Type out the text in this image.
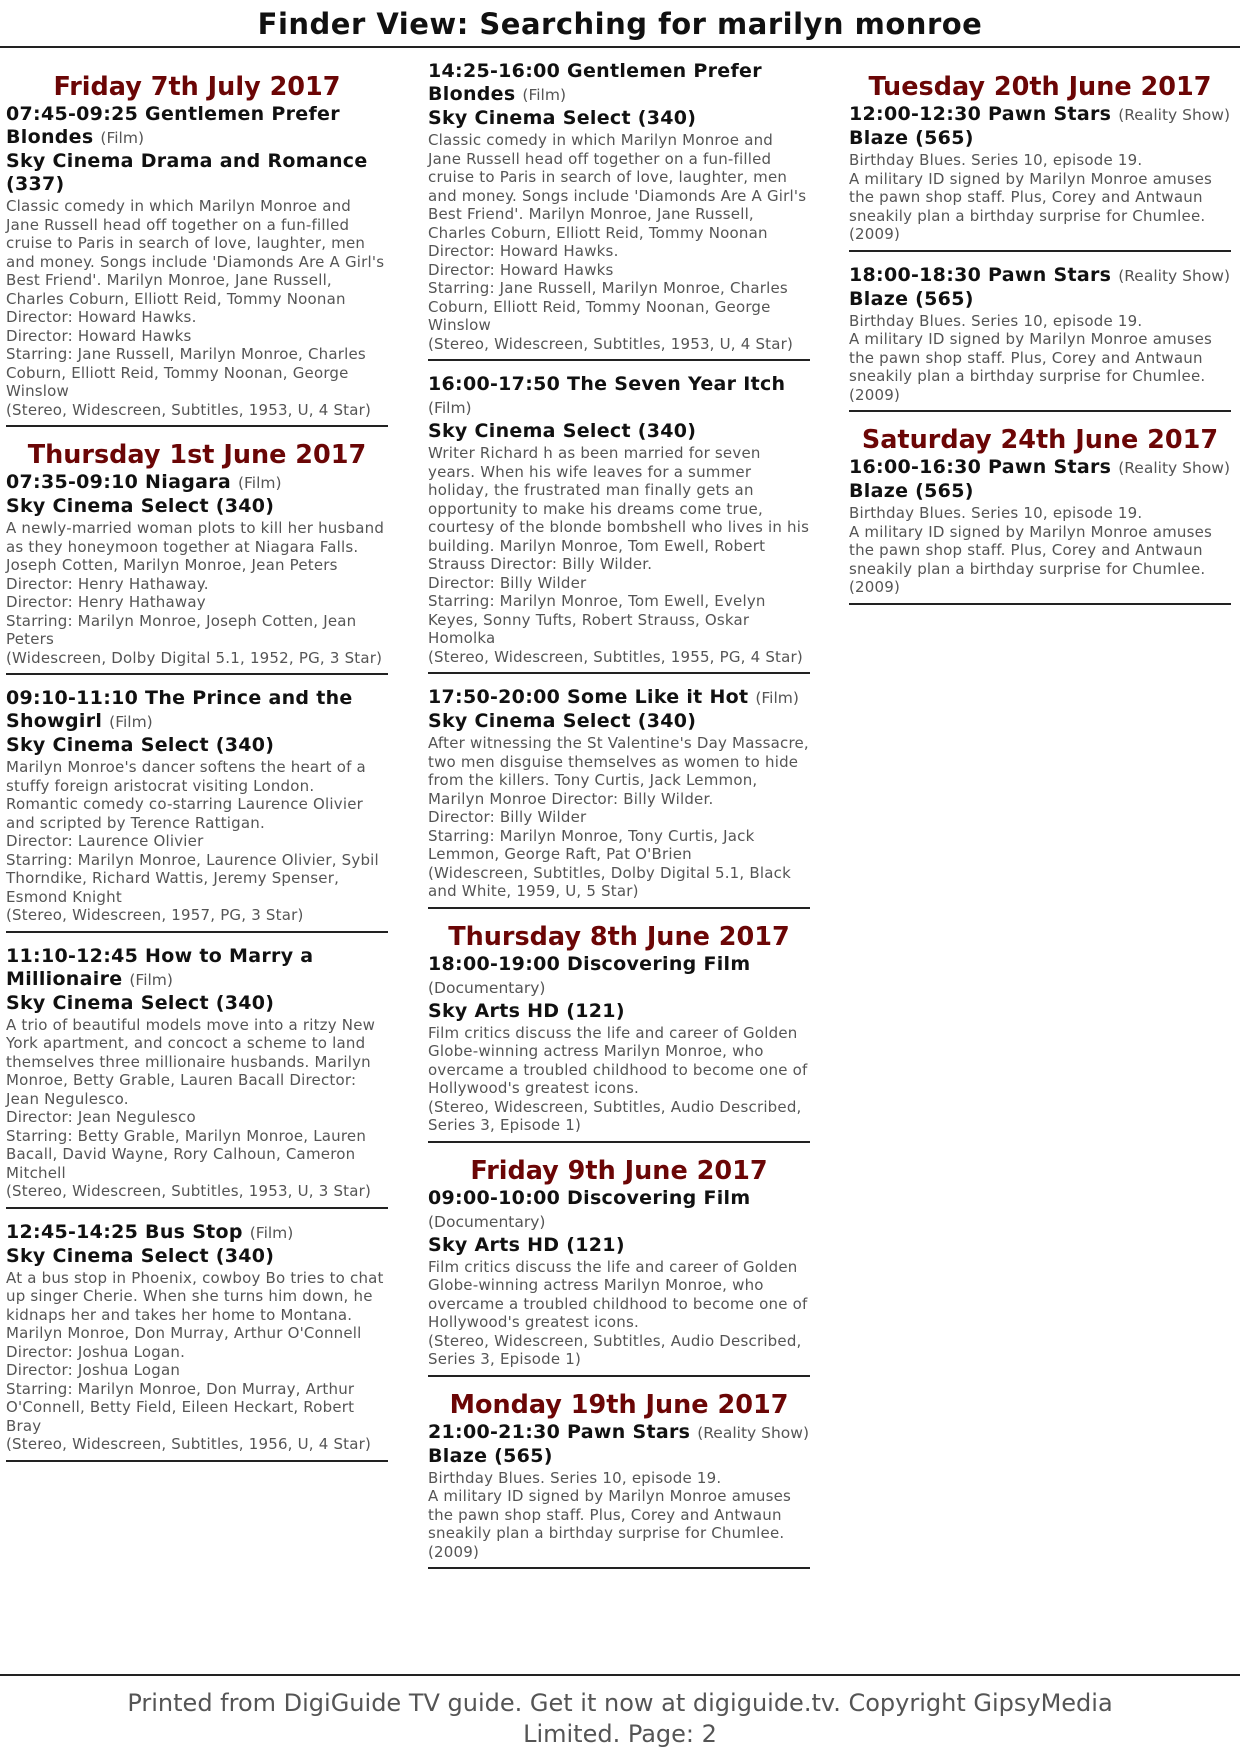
Finder View: Searching for marilyn monroe
Friday 7th July 2017
07:45-09:25 Gentlemen Prefer Blondes (Film)
Sky Cinema Drama and Romance (337)
Classic comedy in which Marilyn Monroe and Jane Russell head off together on a fun-filled cruise to Paris in search of love, laughter, men and money. Songs include 'Diamonds Are A Girl's Best Friend'. Marilyn Monroe, Jane Russell, Charles Coburn, Elliott Reid, Tommy Noonan Director: Howard Hawks.
Director: Howard Hawks
Starring: Jane Russell, Marilyn Monroe, Charles Coburn, Elliott Reid, Tommy Noonan, George Winslow
(Stereo, Widescreen, Subtitles, 1953, U, 4 Star)
Thursday 1st June 2017
07:35-09:10 Niagara (Film)
Sky Cinema Select (340)
A newly-married woman plots to kill her husband as they honeymoon together at Niagara Falls. Joseph Cotten, Marilyn Monroe, Jean Peters Director: Henry Hathaway.
Director: Henry Hathaway
Starring: Marilyn Monroe, Joseph Cotten, Jean Peters
(Widescreen, Dolby Digital 5.1, 1952, PG, 3 Star)
09:10-11:10 The Prince and the Showgirl (Film)
Sky Cinema Select (340)
Marilyn Monroe's dancer softens the heart of a stuffy foreign aristocrat visiting London. Romantic comedy co-starring Laurence Olivier and scripted by Terence Rattigan.
Director: Laurence Olivier
Starring: Marilyn Monroe, Laurence Olivier, Sybil Thorndike, Richard Wattis, Jeremy Spenser, Esmond Knight
(Stereo, Widescreen, 1957, PG, 3 Star)
11:10-12:45 How to Marry a Millionaire (Film)
Sky Cinema Select (340)
A trio of beautiful models move into a ritzy New York apartment, and concoct a scheme to land themselves three millionaire husbands. Marilyn Monroe, Betty Grable, Lauren Bacall Director: Jean Negulesco.
Director: Jean Negulesco
Starring: Betty Grable, Marilyn Monroe, Lauren Bacall, David Wayne, Rory Calhoun, Cameron Mitchell
(Stereo, Widescreen, Subtitles, 1953, U, 3 Star)
12:45-14:25 Bus Stop (Film)
Sky Cinema Select (340)
At a bus stop in Phoenix, cowboy Bo tries to chat up singer Cherie. When she turns him down, he kidnaps her and takes her home to Montana. Marilyn Monroe, Don Murray, Arthur O'Connell Director: Joshua Logan.
Director: Joshua Logan
Starring: Marilyn Monroe, Don Murray, Arthur O'Connell, Betty Field, Eileen Heckart, Robert Bray
(Stereo, Widescreen, Subtitles, 1956, U, 4 Star)
14:25-16:00 Gentlemen Prefer Blondes (Film)
Sky Cinema Select (340)
Classic comedy in which Marilyn Monroe and Jane Russell head off together on a fun-filled cruise to Paris in search of love, laughter, men and money. Songs include 'Diamonds Are A Girl's Best Friend'. Marilyn Monroe, Jane Russell, Charles Coburn, Elliott Reid, Tommy Noonan Director: Howard Hawks.
Director: Howard Hawks
Starring: Jane Russell, Marilyn Monroe, Charles Coburn, Elliott Reid, Tommy Noonan, George Winslow
(Stereo, Widescreen, Subtitles, 1953, U, 4 Star)
16:00-17:50 The Seven Year Itch (Film)
Sky Cinema Select (340)
Writer Richard h as been married for seven years. When his wife leaves for a summer holiday, the frustrated man finally gets an opportunity to make his dreams come true, courtesy of the blonde bombshell who lives in his building. Marilyn Monroe, Tom Ewell, Robert Strauss Director: Billy Wilder.
Director: Billy Wilder
Starring: Marilyn Monroe, Tom Ewell, Evelyn Keyes, Sonny Tufts, Robert Strauss, Oskar Homolka
(Stereo, Widescreen, Subtitles, 1955, PG, 4 Star)
17:50-20:00 Some Like it Hot (Film)
Sky Cinema Select (340)
After witnessing the St Valentine's Day Massacre, two men disguise themselves as women to hide from the killers. Tony Curtis, Jack Lemmon, Marilyn Monroe Director: Billy Wilder.
Director: Billy Wilder
Starring: Marilyn Monroe, Tony Curtis, Jack Lemmon, George Raft, Pat O'Brien
(Widescreen, Subtitles, Dolby Digital 5.1, Black and White, 1959, U, 5 Star)
Thursday 8th June 2017
18:00-19:00 Discovering Film (Documentary)
Sky Arts HD (121)
Film critics discuss the life and career of Golden Globe-winning actress Marilyn Monroe, who overcame a troubled childhood to become one of Hollywood's greatest icons.
(Stereo, Widescreen, Subtitles, Audio Described, Series 3, Episode 1)
Friday 9th June 2017
09:00-10:00 Discovering Film (Documentary)
Sky Arts HD (121)
Film critics discuss the life and career of Golden Globe-winning actress Marilyn Monroe, who overcame a troubled childhood to become one of Hollywood's greatest icons.
(Stereo, Widescreen, Subtitles, Audio Described, Series 3, Episode 1)
Monday 19th June 2017
21:00-21:30 Pawn Stars (Reality Show)
Blaze (565)
Birthday Blues. Series 10, episode 19.
A military ID signed by Marilyn Monroe amuses the pawn shop staff. Plus, Corey and Antwaun sneakily plan a birthday surprise for Chumlee.
(2009)
Tuesday 20th June 2017
12:00-12:30 Pawn Stars (Reality Show)
Blaze (565)
Birthday Blues. Series 10, episode 19.
A military ID signed by Marilyn Monroe amuses the pawn shop staff. Plus, Corey and Antwaun sneakily plan a birthday surprise for Chumlee.
(2009)
18:00-18:30 Pawn Stars (Reality Show)
Blaze (565)
Birthday Blues. Series 10, episode 19.
A military ID signed by Marilyn Monroe amuses the pawn shop staff. Plus, Corey and Antwaun sneakily plan a birthday surprise for Chumlee.
(2009)
Saturday 24th June 2017
16:00-16:30 Pawn Stars (Reality Show)
Blaze (565)
Birthday Blues. Series 10, episode 19.
A military ID signed by Marilyn Monroe amuses the pawn shop staff. Plus, Corey and Antwaun sneakily plan a birthday surprise for Chumlee.
(2009)
Printed from DigiGuide TV guide. Get it now at digiguide.tv. Copyright GipsyMedia Limited. Page: 2
